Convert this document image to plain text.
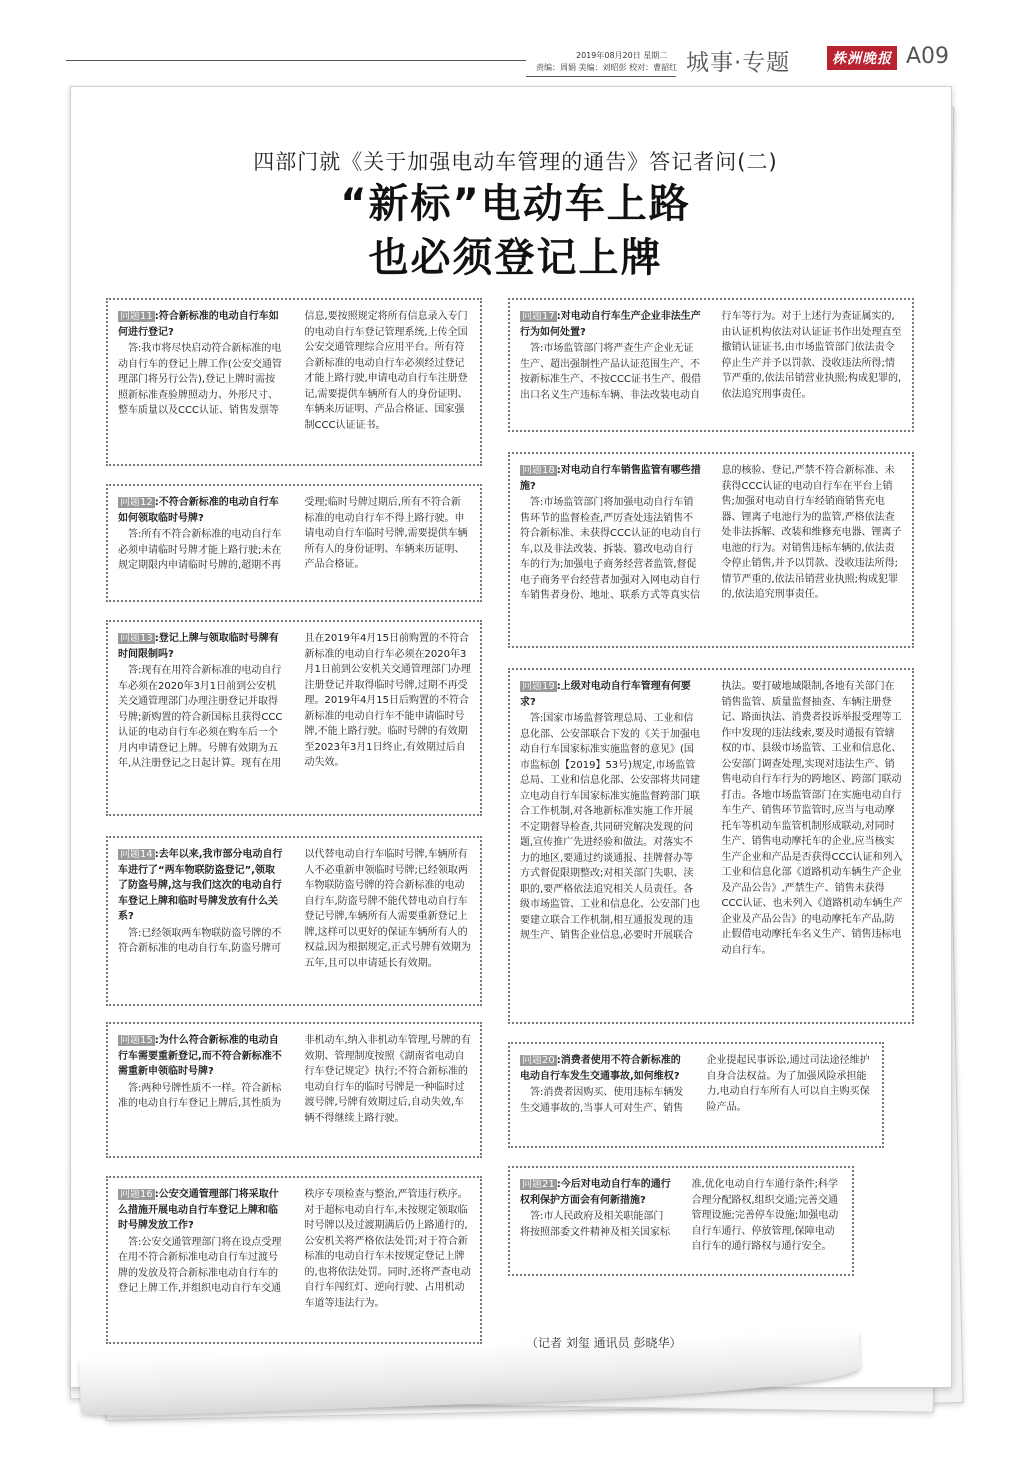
2019年08月20日 星期二
责编：周娟 美编：刘昭彭 校对：曹韶红 城事·专题	株洲晚报 A09
四部门就《关于加强电动车管理的通告》答记者问(二)
“新标”电动车上路
也必须登记上牌
问题11 :符合新标准的电动自行车如何进行登记?
　答:我市将尽快启动符合新标准的电动自行车的登记上牌工作(公安交通管理部门将另行公告),登记上牌时需按照新标准查验牌照动力、外形尺寸、整车质量以及CCC认证、销售发票等信息,要按照规定将所有信息录入专门的电动自行车登记管理系统,上传全国公安交通管理综合应用平台。所有符合新标准的电动自行车必须经过登记才能上路行驶,申请电动自行车注册登记,需要提供车辆所有人的身份证明、车辆来历证明、产品合格证、国家强制CCC认证证书。
问题12 :不符合新标准的电动自行车如何领取临时号牌?
　答:所有不符合新标准的电动自行车必须申请临时号牌才能上路行驶;未在规定期限内申请临时号牌的,超期不再受理;临时号牌过期后,所有不符合新标准的电动自行车不得上路行驶。申请电动自行车临时号牌,需要提供车辆所有人的身份证明、车辆来历证明、产品合格证。
问题13 :登记上牌与领取临时号牌有时间限制吗?
　答:现有在用符合新标准的电动自行车必须在2020年3月1日前到公安机关交通管理部门办理注册登记并取得号牌;新购置的符合新国标且获得CCC认证的电动自行车必须在购车后一个月内申请登记上牌。号牌有效期为五年,从注册登记之日起计算。现有在用且在2019年4月15日前购置的不符合新标准的电动自行车必须在2020年3月1日前到公安机关交通管理部门办理注册登记并取得临时号牌,过期不再受理。2019年4月15日后购置的不符合新标准的电动自行车不能申请临时号牌,不能上路行驶。临时号牌的有效期至2023年3月1日终止,有效期过后自动失效。
问题14 :去年以来,我市部分电动自行车进行了“两车物联防盗登记”,领取了防盗号牌,这与我们这次的电动自行车登记上牌和临时号牌发放有什么关系?
　答:已经领取两车物联防盗号牌的不符合新标准的电动自行车,防盗号牌可以代替电动自行车临时号牌,车辆所有人不必重新申领临时号牌;已经领取两车物联防盗号牌的符合新标准的电动自行车,防盗号牌不能代替电动自行车登记号牌,车辆所有人需要重新登记上牌,这样可以更好的保证车辆所有人的权益,因为根据规定,正式号牌有效期为五年,且可以申请延长有效期。
问题15 :为什么符合新标准的电动自行车需要重新登记,而不符合新标准不需重新申领临时号牌?
　答:两种号牌性质不一样。符合新标准的电动自行车登记上牌后,其性质为非机动车,纳入非机动车管理,号牌的有效期、管理制度按照《湖南省电动自行车登记规定》执行;不符合新标准的电动自行车的临时号牌是一种临时过渡号牌,号牌有效期过后,自动失效,车辆不得继续上路行驶。
问题16 :公安交通管理部门将采取什么措施开展电动自行车登记上牌和临时号牌发放工作?
　答:公安交通管理部门将在设点受理在用不符合新标准电动自行车过渡号牌的发放及符合新标准电动自行车的登记上牌工作,并组织电动自行车交通秩序专项检查与整治,严管违行秩序。对于超标电动自行车,未按规定领取临时号牌以及过渡期满后仍上路通行的,公安机关将严格依法处罚;对于符合新标准的电动自行车未按规定登记上牌的,也将依法处罚。同时,还将严查电动自行车闯红灯、逆向行驶、占用机动车道等违法行为。
问题17 :对电动自行车生产企业非法生产行为如何处置?
　答:市场监管部门将严查生产企业无证生产、超出强制性产品认证范围生产、不按新标准生产、不按CCC证书生产、假借出口名义生产违标车辆、非法改装电动自行车等行为。对于上述行为查证属实的,由认证机构依法对认证证书作出处理直至撤销认证证书,由市场监管部门依法责令停止生产并予以罚款、没收违法所得;情节严重的,依法吊销营业执照;构成犯罪的,依法追究刑事责任。
问题18 :对电动自行车销售监管有哪些措施?
　答:市场监管部门将加强电动自行车销售环节的监督检查,严厉查处违法销售不符合新标准、未获得CCC认证的电动自行车,以及非法改装、拆装、篡改电动自行车的行为;加强电子商务经营者监管,督促电子商务平台经营者加强对入网电动自行车销售者身份、地址、联系方式等真实信息的核验、登记,严禁不符合新标准、未获得CCC认证的电动自行车在平台上销售;加强对电动自行车经销商销售充电器、锂离子电池行为的监管,严格依法查处非法拆解、改装和维修充电器、锂离子电池的行为。对销售违标车辆的,依法责令停止销售,并予以罚款、没收违法所得;情节严重的,依法吊销营业执照;构成犯罪的,依法追究刑事责任。
问题19 :上级对电动自行车管理有何要求?
　答:国家市场监督管理总局、工业和信息化部、公安部联合下发的《关于加强电动自行车国家标准实施监督的意见》(国市监标创【2019】53号)规定,市场监管总局、工业和信息化部、公安部将共同建立电动自行车国家标准实施监督跨部门联合工作机制,对各地新标准实施工作开展不定期督导检查,共同研究解决发现的问题,宣传推广先进经验和做法。对落实不力的地区,要通过约谈通报、挂牌督办等方式督促限期整改;对相关部门失职、渎职的,要严格依法追究相关人员责任。各级市场监管、工业和信息化、公安部门也要建立联合工作机制,相互通报发现的违规生产、销售企业信息,必要时开展联合执法。要打破地域限制,各地有关部门在销售监管、质量监督抽查、车辆注册登记、路面执法、消费者投诉举报受理等工作中发现的违法线索,要及时通报有管辖权的市、县级市场监管、工业和信息化、公安部门调查处理,实现对违法生产、销售电动自行车行为的跨地区、跨部门联动打击。各地市场监管部门在实施电动自行车生产、销售环节监管时,应当与电动摩托车等机动车监管机制形成联动,对同时生产、销售电动摩托车的企业,应当核实生产企业和产品是否获得CCC认证和列入工业和信息化部《道路机动车辆生产企业及产品公告》,严禁生产、销售未获得CCC认证、也未列入《道路机动车辆生产企业及产品公告》的电动摩托车产品,防止假借电动摩托车名义生产、销售违标电动自行车。
问题20 :消费者使用不符合新标准的电动自行车发生交通事故,如何维权?
　答:消费者因购买、使用违标车辆发生交通事故的,当事人可对生产、销售企业提起民事诉讼,通过司法途径维护自身合法权益。为了加强风险承担能力,电动自行车所有人可以自主购买保险产品。
问题21 :今后对电动自行车的通行权利保护方面会有何新措施?
　答:市人民政府及相关职能部门将按照部委文件精神及相关国家标准,优化电动自行车通行条件;科学合理分配路权,组织交通;完善交通管理设施;完善停车设施;加强电动自行车通行、停放管理,保障电动自行车的通行路权与通行安全。
（记者 刘玺 通讯员 彭晓华）
